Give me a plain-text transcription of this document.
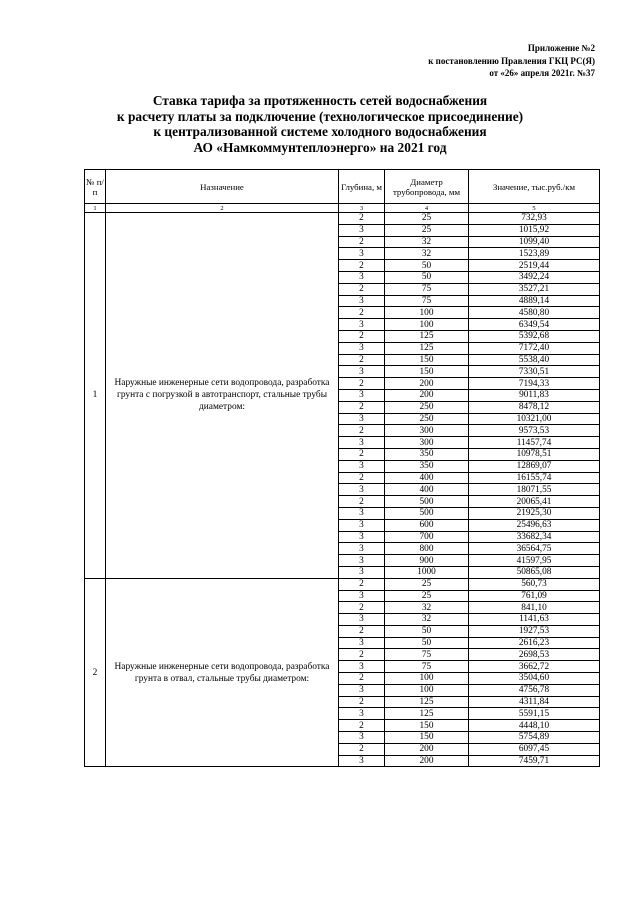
Приложение №2
к постановлению Правления ГКЦ РС(Я)
от «26» апреля 2021г. №37
Ставка тарифа за протяженность сетей водоснабжения
к расчету платы за подключение (технологическое присоединение)
к централизованной системе холодного водоснабжения
АО «Намкоммунтеплоэнерго» на 2021 год
№ п/п	Назначение	Глубина, м	Диаметр трубопровода, мм	Значение, тыс.руб./км
1	2	3	4	5
1	Наружные инженерные сети водопровода, разработка грунта с погрузкой в автотранспорт, стальные трубы диаметром:	2	25	732,93
		3	25	1015,92
		2	32	1099,40
		3	32	1523,89
		2	50	2519,44
		3	50	3492,24
		2	75	3527,21
		3	75	4889,14
		2	100	4580,80
		3	100	6349,54
		2	125	5392,68
		3	125	7172,40
		2	150	5538,40
		3	150	7330,51
		2	200	7194,33
		3	200	9011,83
		2	250	8478,12
		3	250	10321,00
		2	300	9573,53
		3	300	11457,74
		2	350	10978,51
		3	350	12869,07
		2	400	16155,74
		3	400	18071,55
		2	500	20065,41
		3	500	21925,30
		3	600	25496,63
		3	700	33682,34
		3	800	36564,75
		3	900	41597,95
		3	1000	50865,08
2	Наружные инженерные сети водопровода, разработка грунта в отвал, стальные трубы диаметром:	2	25	560,73
		3	25	761,09
		2	32	841,10
		3	32	1141,63
		2	50	1927,53
		3	50	2616,23
		2	75	2698,53
		3	75	3662,72
		2	100	3504,60
		3	100	4756,78
		2	125	4311,84
		3	125	5591,15
		2	150	4448,10
		3	150	5754,89
		2	200	6097,45
		3	200	7459,71
